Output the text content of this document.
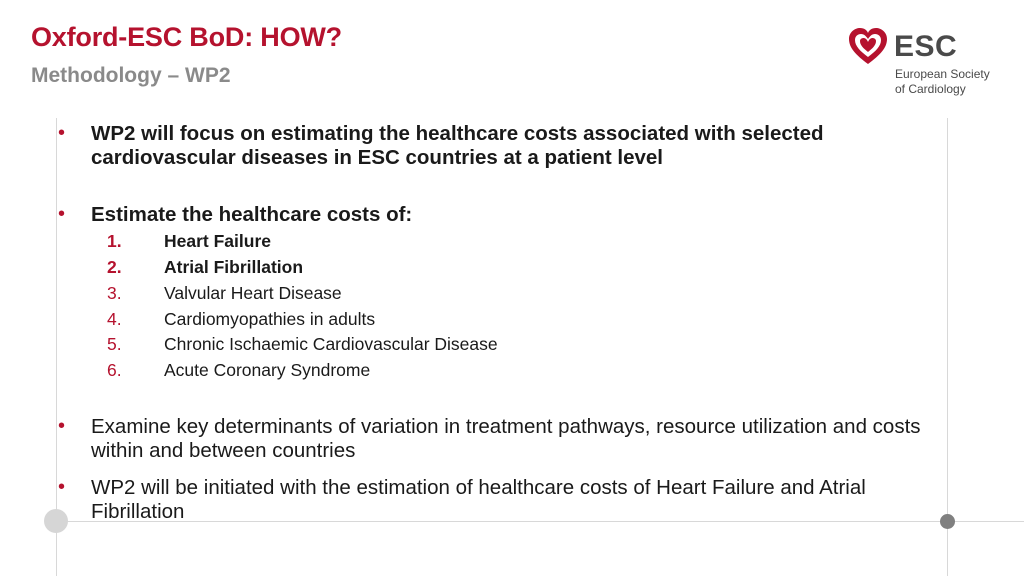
Oxford-ESC BoD: HOW?
Methodology – WP2
ESC
European Society
of Cardiology
• WP2 will focus on estimating the healthcare costs associated with selected cardiovascular diseases in ESC countries at a patient level
• Estimate the healthcare costs of:
1. Heart Failure
2. Atrial Fibrillation
3. Valvular Heart Disease
4. Cardiomyopathies in adults
5. Chronic Ischaemic Cardiovascular Disease
6. Acute Coronary Syndrome
• Examine key determinants of variation in treatment pathways, resource utilization and costs within and between countries
• WP2 will be initiated with the estimation of healthcare costs of Heart Failure and Atrial Fibrillation
